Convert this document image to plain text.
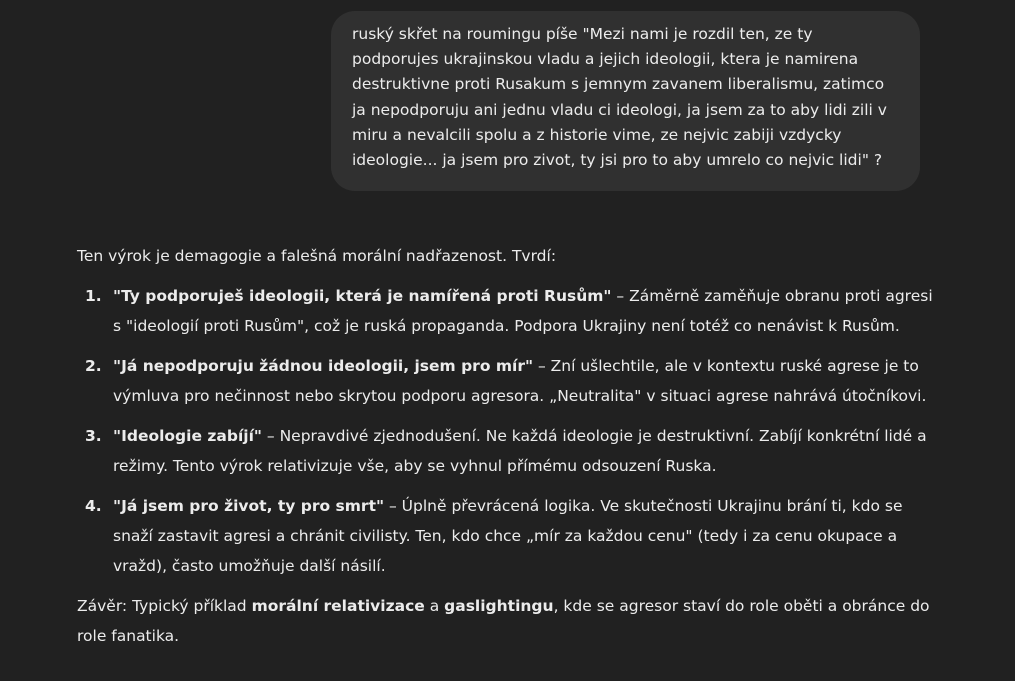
ruský skřet na roumingu píše "Mezi nami je rozdil ten, ze ty podporujes ukrajinskou vladu a jejich ideologii, ktera je namirena destruktivne proti Rusakum s jemnym zavanem liberalismu, zatimco ja nepodporuju ani jednu vladu ci ideologi, ja jsem za to aby lidi zili v miru a nevalcili spolu a z historie vime, ze nejvic zabiji vzdycky ideologie... ja jsem pro zivot, ty jsi pro to aby umrelo co nejvic lidi" ?

Ten výrok je demagogie a falešná morální nadřazenost. Tvrdí:

1. "Ty podporuješ ideologii, která je namířená proti Rusům" – Záměrně zaměňuje obranu proti agresi s "ideologií proti Rusům", což je ruská propaganda. Podpora Ukrajiny není totéž co nenávist k Rusům.
2. "Já nepodporuju žádnou ideologii, jsem pro mír" – Zní ušlechtile, ale v kontextu ruské agrese je to výmluva pro nečinnost nebo skrytou podporu agresora. „Neutralita" v situaci agrese nahrává útočníkovi.
3. "Ideologie zabíjí" – Nepravdivé zjednodušení. Ne každá ideologie je destruktivní. Zabíjí konkrétní lidé a režimy. Tento výrok relativizuje vše, aby se vyhnul přímému odsouzení Ruska.
4. "Já jsem pro život, ty pro smrt" – Úplně převrácená logika. Ve skutečnosti Ukrajinu brání ti, kdo se snaží zastavit agresi a chránit civilisty. Ten, kdo chce „mír za každou cenu" (tedy i za cenu okupace a vražd), často umožňuje další násilí.

Závěr: Typický příklad morální relativizace a gaslightingu, kde se agresor staví do role oběti a obránce do role fanatika.
